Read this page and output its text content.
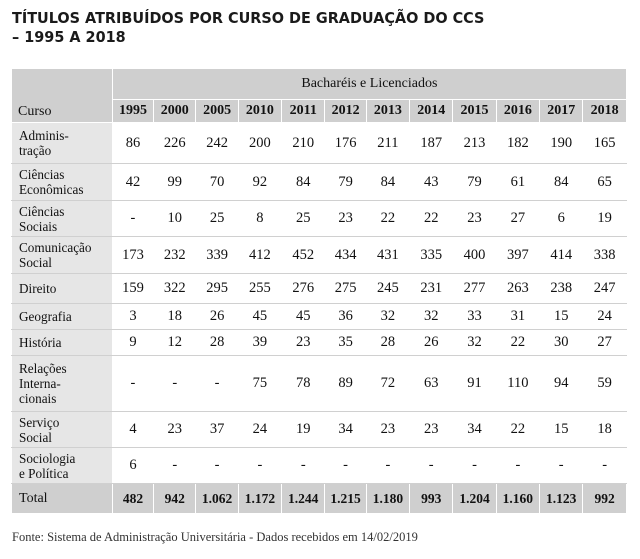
TÍTULOS ATRIBUÍDOS POR CURSO DE GRADUAÇÃO DO CCS
– 1995 A 2018
Curso	Bacharéis e Licenciados											
	1995	2000	2005	2010	2011	2012	2013	2014	2015	2016	2017	2018
Adminis-
tração	86	226	242	200	210	176	211	187	213	182	190	165
Ciências
Econômicas	42	99	70	92	84	79	84	43	79	61	84	65
Ciências
Sociais	-	10	25	8	25	23	22	22	23	27	6	19
Comunicação
Social	173	232	339	412	452	434	431	335	400	397	414	338
Direito	159	322	295	255	276	275	245	231	277	263	238	247
Geografia	3	18	26	45	45	36	32	32	33	31	15	24
História	9	12	28	39	23	35	28	26	32	22	30	27
Relações
Interna-
cionais	-	-	-	75	78	89	72	63	91	110	94	59
Serviço
Social	4	23	37	24	19	34	23	23	34	22	15	18
Sociologia
e Política	6	-	-	-	-	-	-	-	-	-	-	-
Total	482	942	1.062	1.172	1.244	1.215	1.180	993	1.204	1.160	1.123	992
Fonte: Sistema de Administração Universitária - Dados recebidos em 14/02/2019
